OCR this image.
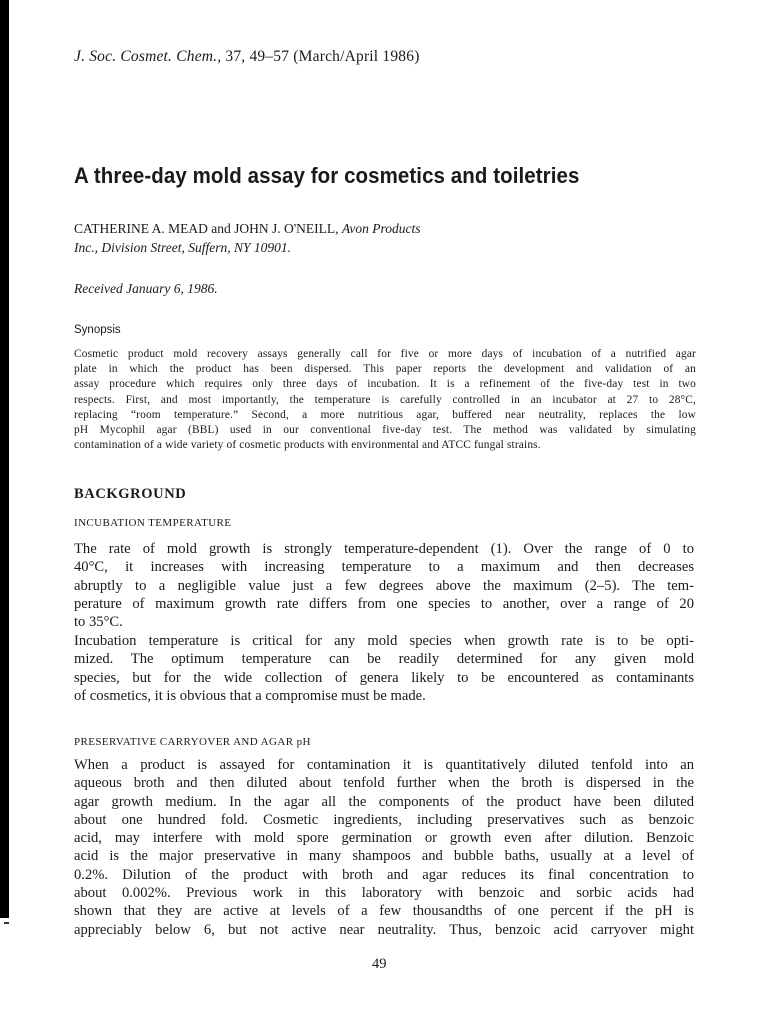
J. Soc. Cosmet. Chem., 37, 49–57 (March/April 1986)
A three-day mold assay for cosmetics and toiletries
CATHERINE A. MEAD and JOHN J. O'NEILL, Avon Products
Inc., Division Street, Suffern, NY 10901.
Received January 6, 1986.
Synopsis
Cosmetic product mold recovery assays generally call for five or more days of incubation of a nutrified agar
plate in which the product has been dispersed. This paper reports the development and validation of an
assay procedure which requires only three days of incubation. It is a refinement of the five-day test in two
respects. First, and most importantly, the temperature is carefully controlled in an incubator at 27 to 28°C,
replacing “room temperature.” Second, a more nutritious agar, buffered near neutrality, replaces the low
pH Mycophil agar (BBL) used in our conventional five-day test. The method was validated by simulating
contamination of a wide variety of cosmetic products with environmental and ATCC fungal strains.
BACKGROUND
INCUBATION TEMPERATURE
The rate of mold growth is strongly temperature-dependent (1). Over the range of 0 to
40°C, it increases with increasing temperature to a maximum and then decreases
abruptly to a negligible value just a few degrees above the maximum (2–5). The tem-
perature of maximum growth rate differs from one species to another, over a range of 20
to 35°C.
Incubation temperature is critical for any mold species when growth rate is to be opti-
mized. The optimum temperature can be readily determined for any given mold
species, but for the wide collection of genera likely to be encountered as contaminants
of cosmetics, it is obvious that a compromise must be made.
PRESERVATIVE CARRYOVER AND AGAR pH
When a product is assayed for contamination it is quantitatively diluted tenfold into an
aqueous broth and then diluted about tenfold further when the broth is dispersed in the
agar growth medium. In the agar all the components of the product have been diluted
about one hundred fold. Cosmetic ingredients, including preservatives such as benzoic
acid, may interfere with mold spore germination or growth even after dilution. Benzoic
acid is the major preservative in many shampoos and bubble baths, usually at a level of
0.2%. Dilution of the product with broth and agar reduces its final concentration to
about 0.002%. Previous work in this laboratory with benzoic and sorbic acids had
shown that they are active at levels of a few thousandths of one percent if the pH is
appreciably below 6, but not active near neutrality. Thus, benzoic acid carryover might
49
